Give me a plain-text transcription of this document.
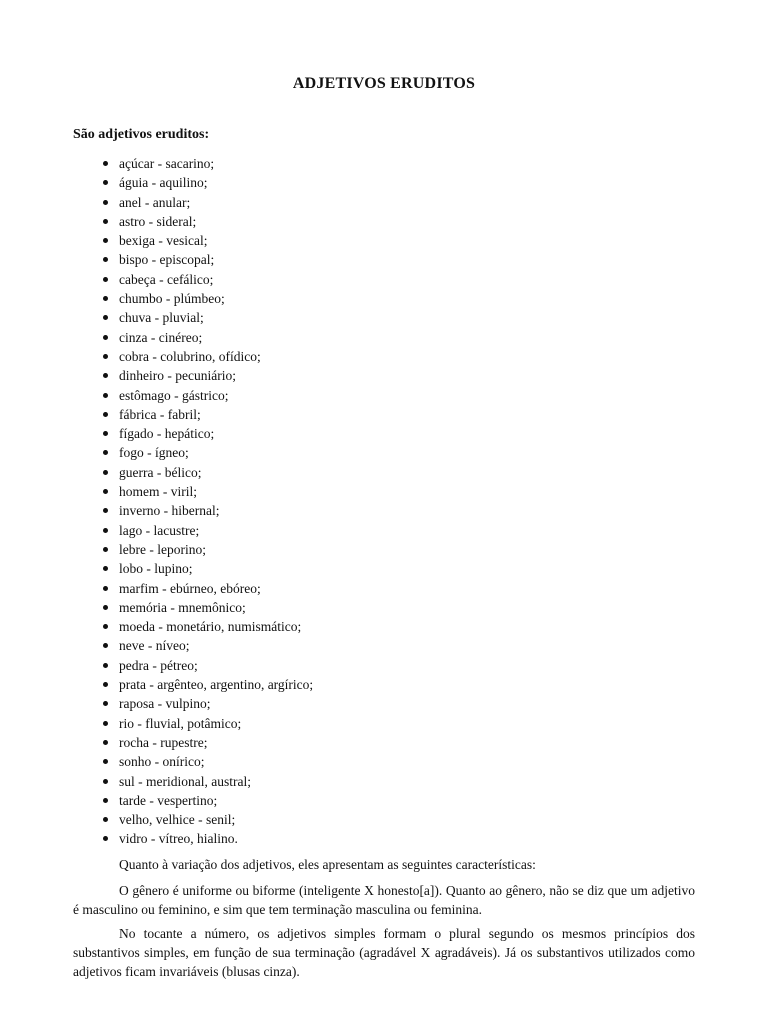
ADJETIVOS ERUDITOS

São adjetivos eruditos:

açúcar - sacarino;
águia - aquilino;
anel - anular;
astro - sideral;
bexiga - vesical;
bispo - episcopal;
cabeça - cefálico;
chumbo - plúmbeo;
chuva - pluvial;
cinza - cinéreo;
cobra - colubrino, ofídico;
dinheiro - pecuniário;
estômago - gástrico;
fábrica - fabril;
fígado - hepático;
fogo - ígneo;
guerra - bélico;
homem - viril;
inverno - hibernal;
lago - lacustre;
lebre - leporino;
lobo - lupino;
marfim - ebúrneo, ebóreo;
memória - mnemônico;
moeda - monetário, numismático;
neve - níveo;
pedra - pétreo;
prata - argênteo, argentino, argírico;
raposa - vulpino;
rio - fluvial, potâmico;
rocha - rupestre;
sonho - onírico;
sul - meridional, austral;
tarde - vespertino;
velho, velhice - senil;
vidro - vítreo, hialino.

Quanto à variação dos adjetivos, eles apresentam as seguintes características:

O gênero é uniforme ou biforme (inteligente X honesto[a]). Quanto ao gênero, não se diz que um adjetivo é masculino ou feminino, e sim que tem terminação masculina ou feminina.

No tocante a número, os adjetivos simples formam o plural segundo os mesmos princípios dos substantivos simples, em função de sua terminação (agradável X agradáveis). Já os substantivos utilizados como adjetivos ficam invariáveis (blusas cinza).
